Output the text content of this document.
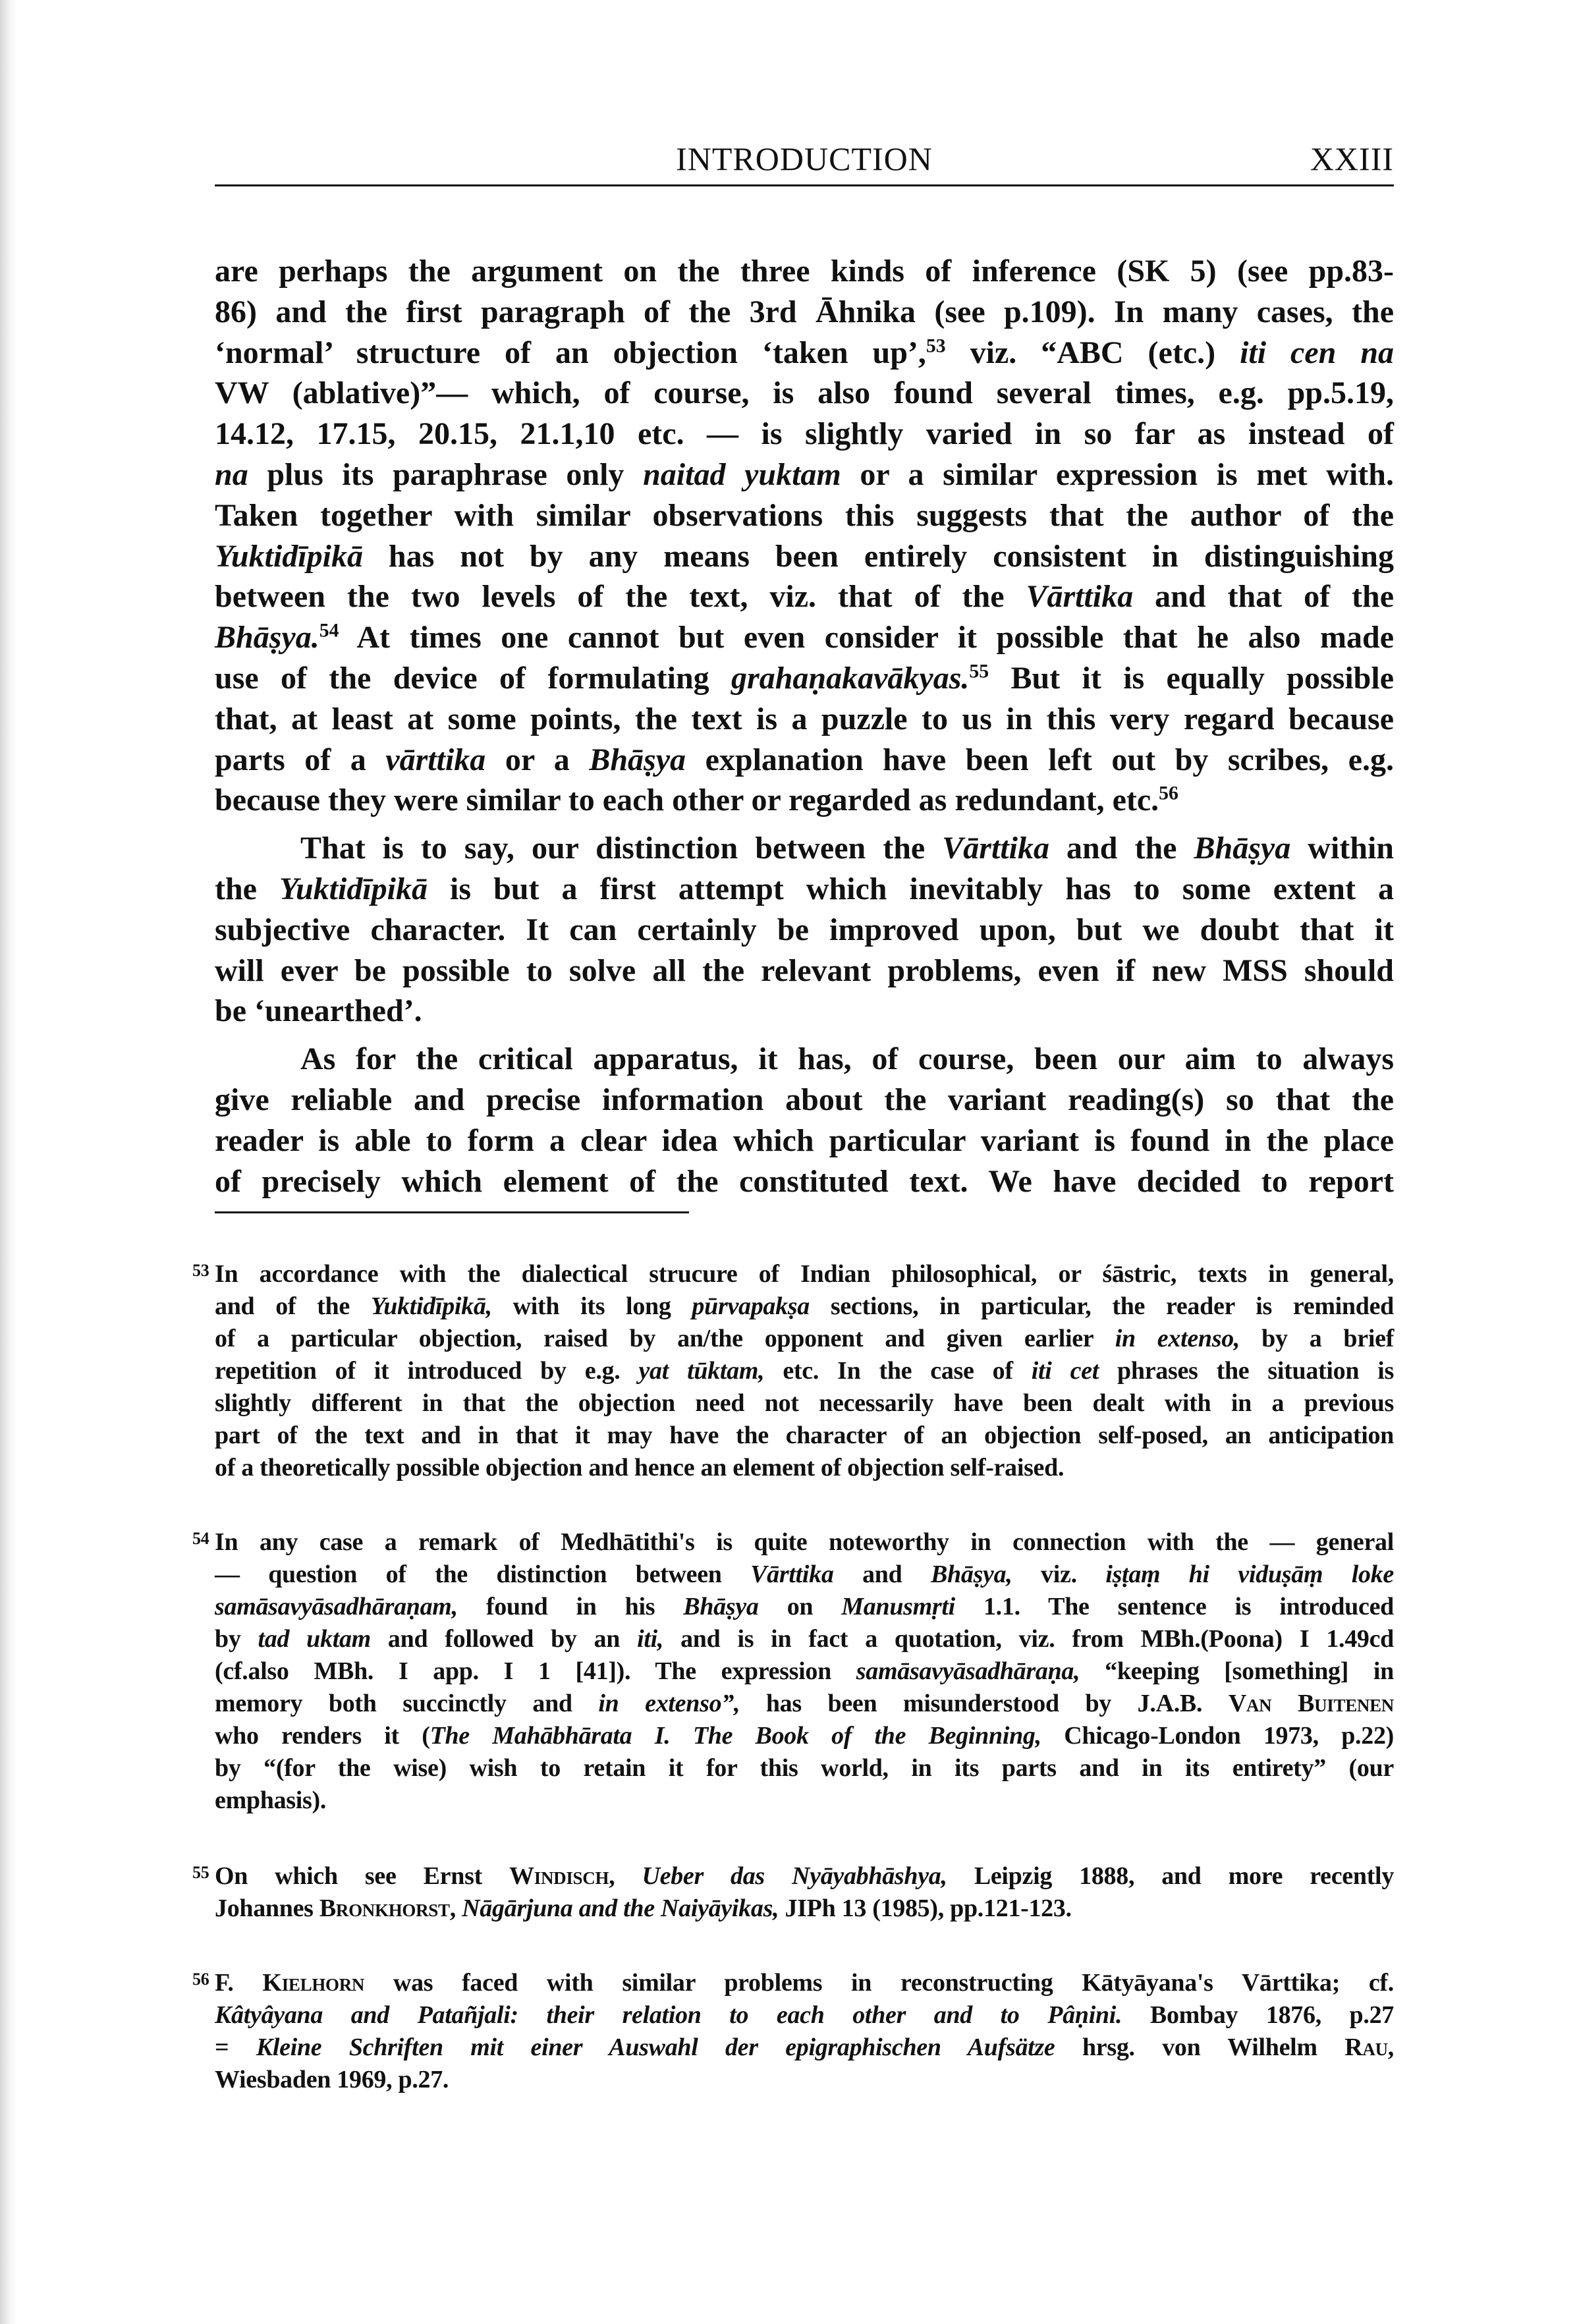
INTRODUCTION	XXIII
are perhaps the argument on the three kinds of inference (SK 5) (see pp.83-
86) and the first paragraph of the 3rd Āhnika (see p.109). In many cases, the
‘normal’ structure of an objection ‘taken up’,$^{53}$ viz. “ABC (etc.) iti cen na
VW (ablative)”— which, of course, is also found several times, e.g. pp.5.19,
14.12, 17.15, 20.15, 21.1,10 etc. — is slightly varied in so far as instead of
na plus its paraphrase only naitad yuktam or a similar expression is met with.
Taken together with similar observations this suggests that the author of the
Yuktidīpikā has not by any means been entirely consistent in distinguishing
between the two levels of the text, viz. that of the Vārttika and that of the
Bhāṣya.$^{54}$ At times one cannot but even consider it possible that he also made
use of the device of formulating grahaṇakavākyas.$^{55}$ But it is equally possible
that, at least at some points, the text is a puzzle to us in this very regard because
parts of a vārttika or a Bhāṣya explanation have been left out by scribes, e.g.
because they were similar to each other or regarded as redundant, etc.$^{56}$
That is to say, our distinction between the Vārttika and the Bhāṣya within
the Yuktidīpikā is but a first attempt which inevitably has to some extent a
subjective character. It can certainly be improved upon, but we doubt that it
will ever be possible to solve all the relevant problems, even if new MSS should
be ‘unearthed’.
As for the critical apparatus, it has, of course, been our aim to always
give reliable and precise information about the variant reading(s) so that the
reader is able to form a clear idea which particular variant is found in the place
of precisely which element of the constituted text. We have decided to report
53 In accordance with the dialectical strucure of Indian philosophical, or śāstric, texts in general,
and of the Yuktidīpikā, with its long pūrvapakṣa sections, in particular, the reader is reminded
of a particular objection, raised by an/the opponent and given earlier in extenso, by a brief
repetition of it introduced by e.g. yat tūktam, etc. In the case of iti cet phrases the situation is
slightly different in that the objection need not necessarily have been dealt with in a previous
part of the text and in that it may have the character of an objection self-posed, an anticipation
of a theoretically possible objection and hence an element of objection self-raised.
54 In any case a remark of Medhātithi's is quite noteworthy in connection with the — general
— question of the distinction between Vārttika and Bhāṣya, viz. iṣṭaṃ hi viduṣāṃ loke
samāsavyāsadhāraṇam, found in his Bhāṣya on Manusmṛti 1.1. The sentence is introduced
by tad uktam and followed by an iti, and is in fact a quotation, viz. from MBh.(Poona) I 1.49cd
(cf.also MBh. I app. I 1 [41]). The expression samāsavyāsadhāraṇa, “keeping [something] in
memory both succinctly and in extenso”, has been misunderstood by J.A.B. Van Buitenen
who renders it (The Mahābhārata I. The Book of the Beginning, Chicago-London 1973, p.22)
by “(for the wise) wish to retain it for this world, in its parts and in its entirety” (our
emphasis).
55 On which see Ernst Windisch, Ueber das Nyāyabhāshya, Leipzig 1888, and more recently
Johannes Bronkhorst, Nāgārjuna and the Naiyāyikas, JIPh 13 (1985), pp.121-123.
56 F. Kielhorn was faced with similar problems in reconstructing Kātyāyana's Vārttika; cf.
Kâtyâyana and Patañjali: their relation to each other and to Pâṇini. Bombay 1876, p.27
= Kleine Schriften mit einer Auswahl der epigraphischen Aufsätze hrsg. von Wilhelm Rau,
Wiesbaden 1969, p.27.
